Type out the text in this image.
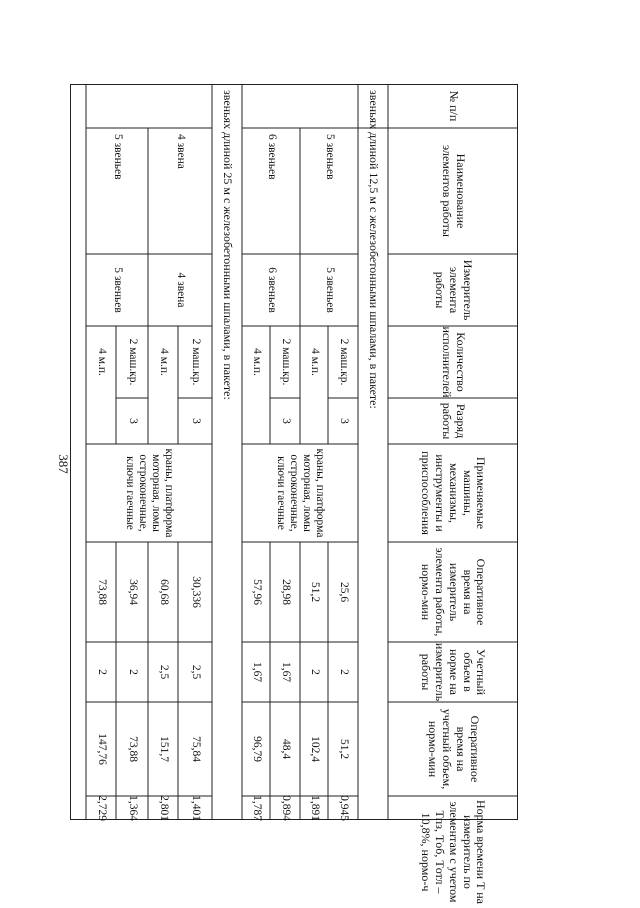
387
№ п/п
Наименование элементов работы
Измеритель элемента работы
Количество исполнителей
Разряд работы
Применяемые машины, механизмы, инструменты и приспособления
Оперативное время на измеритель элемента работы, нормо-мин
Учетный объем в норме на измеритель работы
Оперативное время на учетный объем, нормо-мин
Норма времени T на измеритель по элементам с учетом Tпз, Tоб, Tотл – 10,8%, нормо-ч
звеньях длиной 12,5 м с железобетонными шпалами, в пакете:
5 звеньев
5 звеньев
2 маш.кр.
4 м.п.
3
краны, платформа моторная, ломы остроконечные, ключи гаечные
25,6
51,2
2
2
51,2
102,4
0,945
1,891
6 звеньев
6 звеньев
2 маш.кр.
4 м.п.
3
28,98
57,96
1,67
1,67
48,4
96,79
0,894
1,787
звеньях длиной 25 м с железобетонными шпалами, в пакете:
4 звена
4 звена
2 маш.кр.
4 м.п.
3
краны, платформа моторная, ломы остроконечные, ключи гаечные
30,336
60,68
2,5
2,5
75,84
151,7
1,401
2,801
5 звеньев
5 звеньев
2 маш.кр.
4 м.п.
3
36,94
73,88
2
2
73,88
147,76
1,364
2,729
